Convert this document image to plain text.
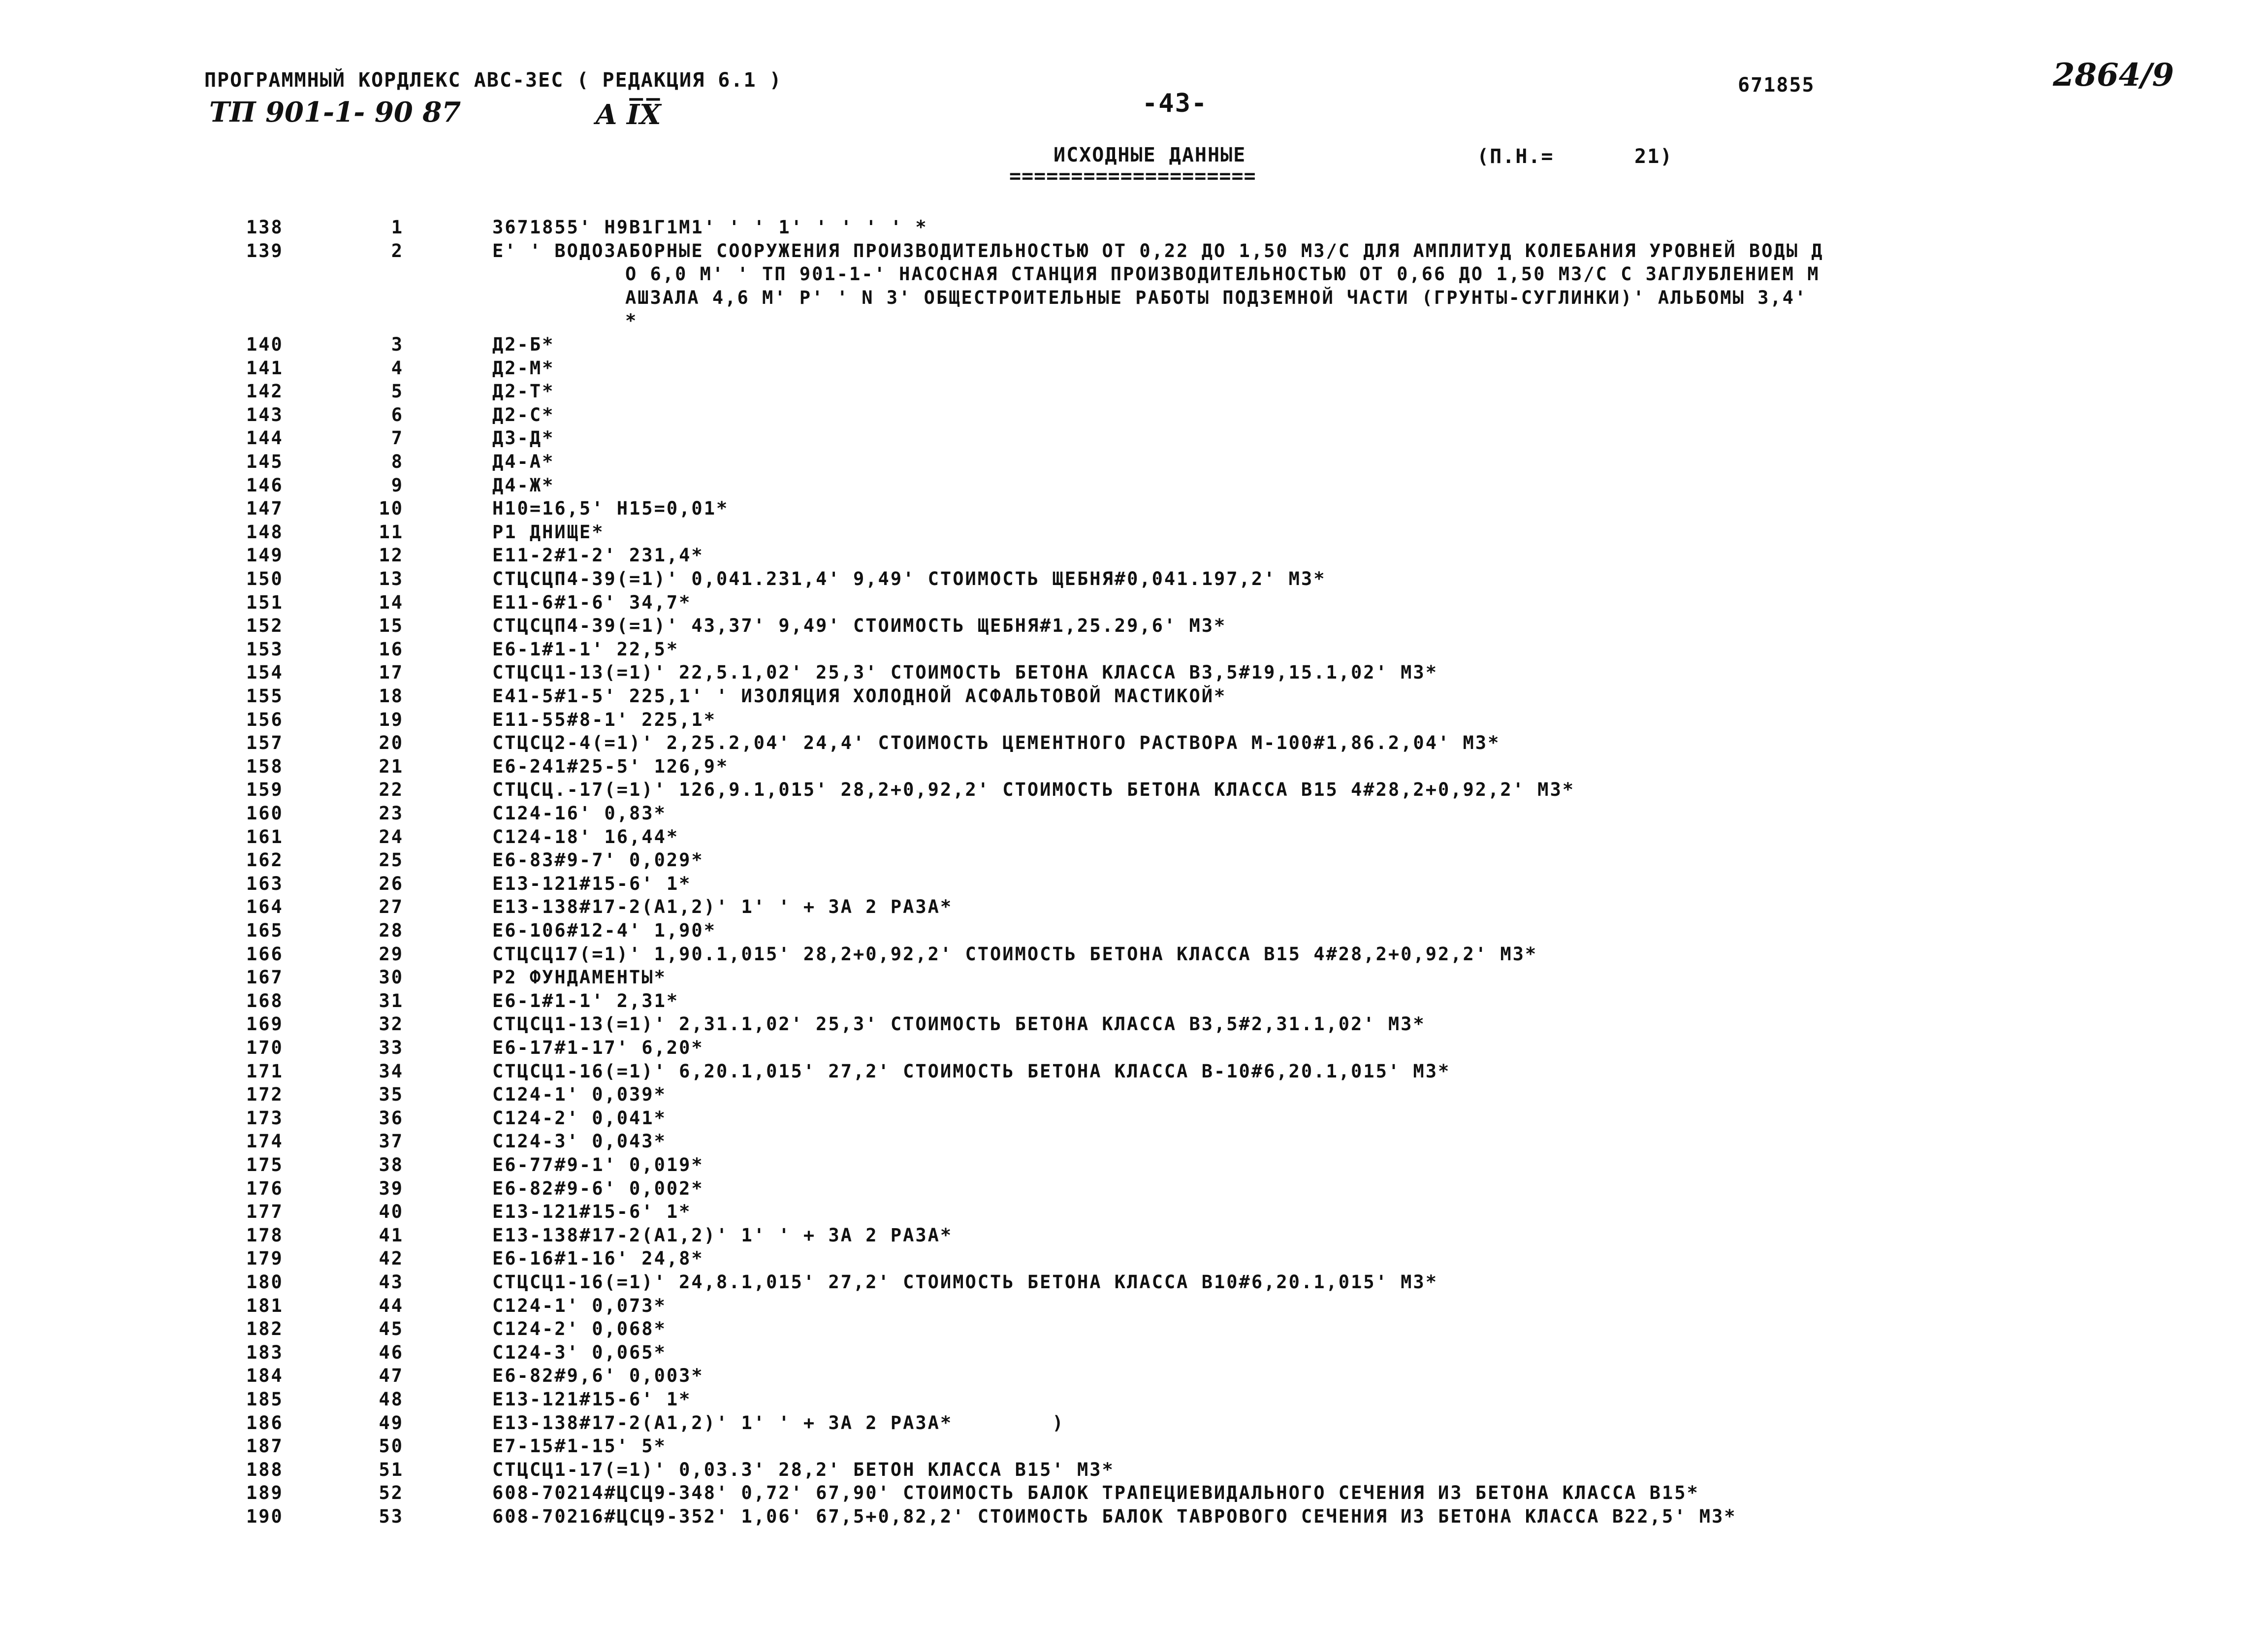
ПРОГРАММНЫЙ КОРДЛЕКС АВС-3ЕС ( РЕДАКЦИЯ 6.1 )
ТП 901-1- 90 87	A I̅X̅	-43-
671855	2864/9
ИСХОДНЫЕ ДАННЫЕ
====================
(П.Н.=	21)
138	1	3671855' H9B1Г1M1' ' ' 1' ' ' ' ' *
139	2	E' ' ВОДОЗАБОРНЫЕ СООРУЖЕНИЯ ПРОИЗВОДИТЕЛЬНОСТЬЮ ОТ 0,22 ДО 1,50 M3/C ДЛЯ АМПЛИТУД КОЛЕБАНИЯ УРОВНЕЙ ВОДЫ Д
O 6,0 M' ' ТП 901-1-' НАСОСНАЯ СТАНЦИЯ ПРОИЗВОДИТЕЛЬНОСТЬЮ ОТ 0,66 ДО 1,50 M3/C С ЗАГЛУБЛЕНИЕМ М
АШЗАЛА 4,6 M' P' ' N 3' ОБЩЕСТРОИТЕЛЬНЫЕ РАБОТЫ ПОДЗЕМНОЙ ЧАСТИ (ГРУНТЫ-СУГЛИНКИ)' АЛЬБОМЫ 3,4'
*
140	3	Д2-Б*
141	4	Д2-М*
142	5	Д2-Т*
143	6	Д2-С*
144	7	Д3-Д*
145	8	Д4-А*
146	9	Д4-Ж*
147	10	H10=16,5' H15=0,01*
148	11	P1 ДНИЩЕ*
149	12	E11-2#1-2' 231,4*
150	13	СТЦСЦП4-39(=1)' 0,041.231,4' 9,49' СТОИМОСТЬ ЩЕБНЯ#0,041.197,2' M3*
151	14	E11-6#1-6' 34,7*
152	15	СТЦСЦП4-39(=1)' 43,37' 9,49' СТОИМОСТЬ ЩЕБНЯ#1,25.29,6' M3*
153	16	E6-1#1-1' 22,5*
154	17	СТЦСЦ1-13(=1)' 22,5.1,02' 25,3' СТОИМОСТЬ БЕТОНА КЛАССА B3,5#19,15.1,02' M3*
155	18	E41-5#1-5' 225,1' ' ИЗОЛЯЦИЯ ХОЛОДНОЙ АСФАЛЬТОВОЙ МАСТИКОЙ*
156	19	E11-55#8-1' 225,1*
157	20	СТЦСЦ2-4(=1)' 2,25.2,04' 24,4' СТОИМОСТЬ ЦЕМЕНТНОГО РАСТВОРА M-100#1,86.2,04' M3*
158	21	E6-241#25-5' 126,9*
159	22	СТЦСЦ.-17(=1)' 126,9.1,015' 28,2+0,92,2' СТОИМОСТЬ БЕТОНА КЛАССА B15 4#28,2+0,92,2' M3*
160	23	C124-16' 0,83*
161	24	C124-18' 16,44*
162	25	E6-83#9-7' 0,029*
163	26	E13-121#15-6' 1*
164	27	E13-138#17-2(A1,2)' 1' ' + ЗА 2 РАЗА*
165	28	E6-106#12-4' 1,90*
166	29	СТЦСЦ17(=1)' 1,90.1,015' 28,2+0,92,2' СТОИМОСТЬ БЕТОНА КЛАССА B15 4#28,2+0,92,2' M3*
167	30	P2 ФУНДАМЕНТЫ*
168	31	E6-1#1-1' 2,31*
169	32	СТЦСЦ1-13(=1)' 2,31.1,02' 25,3' СТОИМОСТЬ БЕТОНА КЛАССА B3,5#2,31.1,02' M3*
170	33	E6-17#1-17' 6,20*
171	34	СТЦСЦ1-16(=1)' 6,20.1,015' 27,2' СТОИМОСТЬ БЕТОНА КЛАССА B-10#6,20.1,015' M3*
172	35	C124-1' 0,039*
173	36	C124-2' 0,041*
174	37	C124-3' 0,043*
175	38	E6-77#9-1' 0,019*
176	39	E6-82#9-6' 0,002*
177	40	E13-121#15-6' 1*
178	41	E13-138#17-2(A1,2)' 1' ' + ЗА 2 РАЗА*
179	42	E6-16#1-16' 24,8*
180	43	СТЦСЦ1-16(=1)' 24,8.1,015' 27,2' СТОИМОСТЬ БЕТОНА КЛАССА B10#6,20.1,015' M3*
181	44	C124-1' 0,073*
182	45	C124-2' 0,068*
183	46	C124-3' 0,065*
184	47	E6-82#9,6' 0,003*
185	48	E13-121#15-6' 1*
186	49	E13-138#17-2(A1,2)' 1' ' + ЗА 2 РАЗА*        )
187	50	E7-15#1-15' 5*
188	51	СТЦСЦ1-17(=1)' 0,03.3' 28,2' БЕТОН КЛАССА B15' M3*
189	52	608-70214#ЦСЦ9-348' 0,72' 67,90' СТОИМОСТЬ БАЛОК ТРАПЕЦИЕВИДАЛЬНОГО СЕЧЕНИЯ ИЗ БЕТОНА КЛАССА B15*
190	53	608-70216#ЦСЦ9-352' 1,06' 67,5+0,82,2' СТОИМОСТЬ БАЛОК ТАВРОВОГО СЕЧЕНИЯ ИЗ БЕТОНА КЛАССА B22,5' M3*
